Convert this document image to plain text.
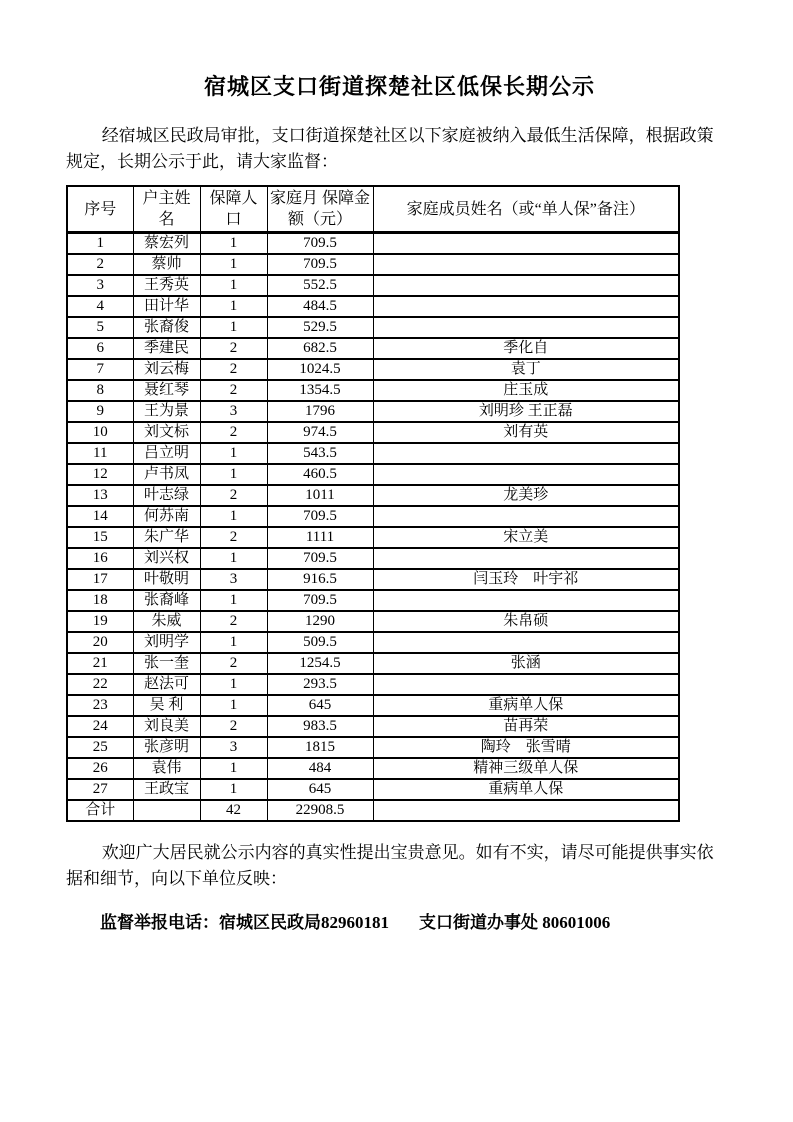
宿城区支口街道探楚社区低保长期公示

经宿城区民政局审批，支口街道探楚社区以下家庭被纳入最低生活保障，根据政策规定，长期公示于此，请大家监督：

序号	户主姓名	保障人口	家庭月 保障金额（元）	家庭成员姓名（或“单人保”备注）
1	蔡宏列	1	709.5	
2	蔡帅	1	709.5	
3	王秀英	1	552.5	
4	田计华	1	484.5	
5	张裔俊	1	529.5	
6	季建民	2	682.5	季化自
7	刘云梅	2	1024.5	袁丁
8	聂红琴	2	1354.5	庄玉成
9	王为景	3	1796	刘明珍 王正磊
10	刘文标	2	974.5	刘有英
11	吕立明	1	543.5	
12	卢书凤	1	460.5	
13	叶志绿	2	1011	龙美珍
14	何苏南	1	709.5	
15	朱广华	2	1111	宋立美
16	刘兴权	1	709.5	
17	叶敬明	3	916.5	闫玉玲　叶宇祁
18	张裔峰	1	709.5	
19	朱威	2	1290	朱帛硕
20	刘明学	1	509.5	
21	张一奎	2	1254.5	张涵
22	赵法可	1	293.5	
23	吴 利	1	645	重病单人保
24	刘良美	2	983.5	苗再荣
25	张彦明	3	1815	陶玲　张雪晴
26	袁伟	1	484	精神三级单人保
27	王政宝	1	645	重病单人保
合计		42	22908.5	

欢迎广大居民就公示内容的真实性提出宝贵意见。如有不实，请尽可能提供事实依据和细节，向以下单位反映：

监督举报电话：宿城区民政局82960181 支口街道办事处 80601006
